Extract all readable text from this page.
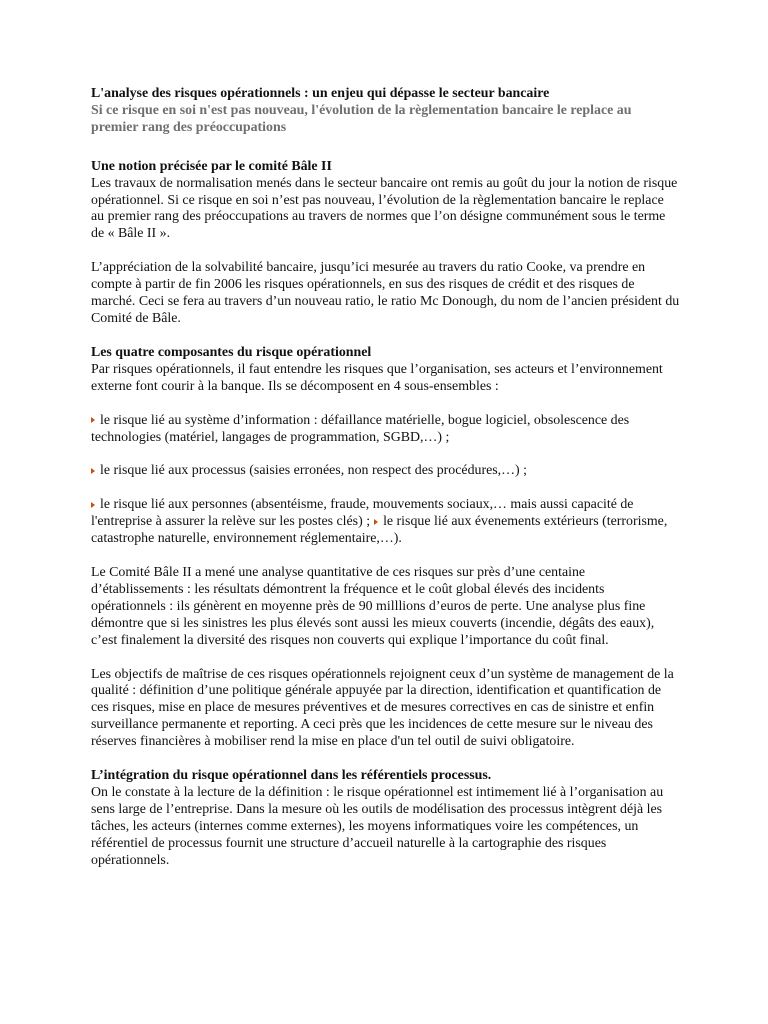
L'analyse des risques opérationnels : un enjeu qui dépasse le secteur bancaire
Si ce risque en soi n'est pas nouveau, l'évolution de la règlementation bancaire le replace au premier rang des préoccupations
Une notion précisée par le comité Bâle II

Les travaux de normalisation menés dans le secteur bancaire ont remis au goût du jour la notion de risque opérationnel. Si ce risque en soi n’est pas nouveau, l’évolution de la règlementation bancaire le replace au premier rang des préoccupations au travers de normes que l’on désigne communément sous le terme de « Bâle II ».

L’appréciation de la solvabilité bancaire, jusqu’ici mesurée au travers du ratio Cooke, va prendre en compte à partir de fin 2006 les risques opérationnels, en sus des risques de crédit et des risques de marché. Ceci se fera au travers d’un nouveau ratio, le ratio Mc Donough, du nom de l’ancien président du Comité de Bâle.

Les quatre composantes du risque opérationnel

Par risques opérationnels, il faut entendre les risques que l’organisation, ses acteurs et l’environnement externe font courir à la banque. Ils se décomposent en 4 sous-ensembles :

le risque lié au système d’information : défaillance matérielle, bogue logiciel, obsolescence des technologies (matériel, langages de programmation, SGBD,…) ;

le risque lié aux processus (saisies erronées, non respect des procédures,…) ;

le risque lié aux personnes (absentéisme, fraude, mouvements sociaux,… mais aussi capacité de l'entreprise à assurer la relève sur les postes clés) ; le risque lié aux évenements extérieurs (terrorisme, catastrophe naturelle, environnement réglementaire,…).

Le Comité Bâle II a mené une analyse quantitative de ces risques sur près d’une centaine d’établissements : les résultats démontrent la fréquence et le coût global élevés des incidents opérationnels : ils génèrent en moyenne près de 90 milllions d’euros de perte. Une analyse plus fine démontre que si les sinistres les plus élevés sont aussi les mieux couverts (incendie, dégâts des eaux), c’est finalement la diversité des risques non couverts qui explique l’importance du coût final.

Les objectifs de maîtrise de ces risques opérationnels rejoignent ceux d’un système de management de la qualité : définition d’une politique générale appuyée par la direction, identification et quantification de ces risques, mise en place de mesures préventives et de mesures correctives en cas de sinistre et enfin surveillance permanente et reporting. A ceci près que les incidences de cette mesure sur le niveau des réserves financières à mobiliser rend la mise en place d'un tel outil de suivi obligatoire.

L’intégration du risque opérationnel dans les référentiels processus.

On le constate à la lecture de la définition : le risque opérationnel est intimement lié à l’organisation au sens large de l’entreprise. Dans la mesure où les outils de modélisation des processus intègrent déjà les tâches, les acteurs (internes comme externes), les moyens informatiques voire les compétences, un référentiel de processus fournit une structure d’accueil naturelle à la cartographie des risques opérationnels.
